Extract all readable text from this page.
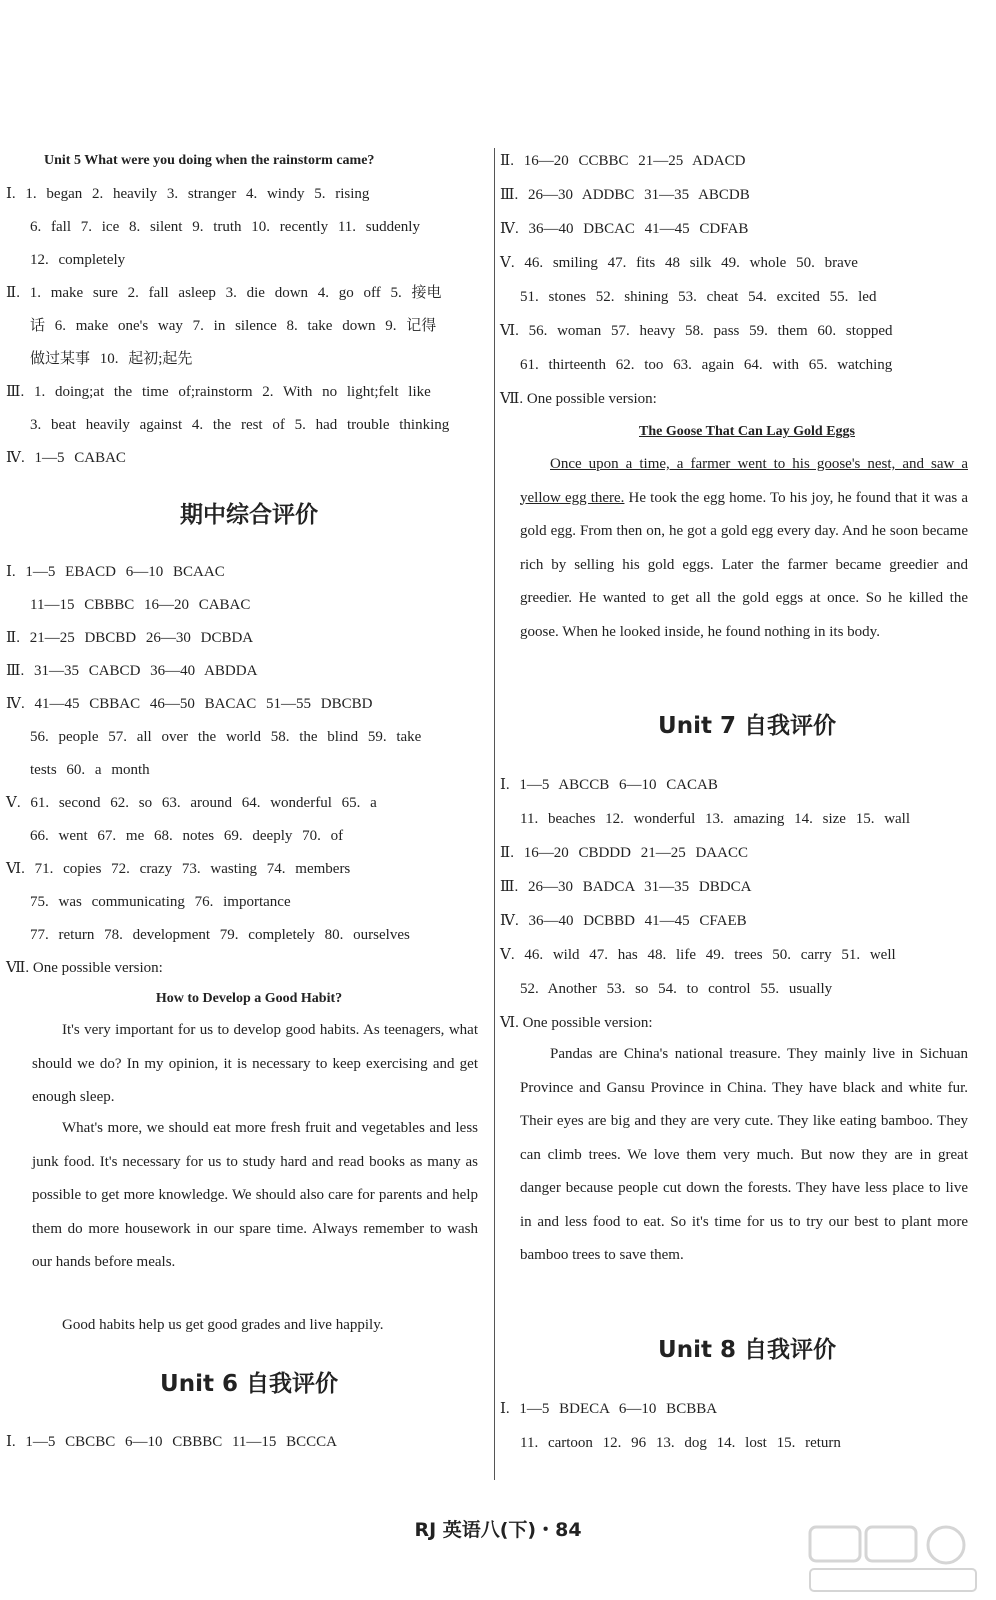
Unit 5 What were you doing when the rainstorm came?
Ⅰ. 1. began 2. heavily 3. stranger 4. windy 5. rising
6. fall 7. ice 8. silent 9. truth 10. recently 11. suddenly
12. completely
Ⅱ. 1. make sure 2. fall asleep 3. die down 4. go off 5. 接电
话 6. make one's way 7. in silence 8. take down 9. 记得
做过某事 10. 起初;起先
Ⅲ. 1. doing;at the time of;rainstorm 2. With no light;felt like
3. beat heavily against 4. the rest of 5. had trouble thinking
Ⅳ. 1—5 CABAC
期中综合评价
Ⅰ. 1—5 EBACD 6—10 BCAAC
11—15 CBBBC 16—20 CABAC
Ⅱ. 21—25 DBCBD 26—30 DCBDA
Ⅲ. 31—35 CABCD 36—40 ABDDA
Ⅳ. 41—45 CBBAC 46—50 BACAC 51—55 DBCBD
56. people 57. all over the world 58. the blind 59. take
tests 60. a month
Ⅴ. 61. second 62. so 63. around 64. wonderful 65. a
66. went 67. me 68. notes 69. deeply 70. of
Ⅵ. 71. copies 72. crazy 73. wasting 74. members
75. was communicating 76. importance
77. return 78. development 79. completely 80. ourselves
Ⅶ. One possible version:
How to Develop a Good Habit?
It's very important for us to develop good habits. As teenagers, what should we do? In my opinion, it is necessary to keep exercising and get enough sleep.
What's more, we should eat more fresh fruit and vegetables and less junk food. It's necessary for us to study hard and read books as many as possible to get more knowledge. We should also care for parents and help them do more housework in our spare time. Always remember to wash our hands before meals.
Good habits help us get good grades and live happily.
Unit 6 自我评价
Ⅰ. 1—5 CBCBC 6—10 CBBBC 11—15 BCCCA
Ⅱ. 16—20 CCBBC 21—25 ADACD
Ⅲ. 26—30 ADDBC 31—35 ABCDB
Ⅳ. 36—40 DBCAC 41—45 CDFAB
Ⅴ. 46. smiling 47. fits 48 silk 49. whole 50. brave
51. stones 52. shining 53. cheat 54. excited 55. led
Ⅵ. 56. woman 57. heavy 58. pass 59. them 60. stopped
61. thirteenth 62. too 63. again 64. with 65. watching
Ⅶ. One possible version:
The Goose That Can Lay Gold Eggs
Once upon a time, a farmer went to his goose's nest, and saw a yellow egg there. He took the egg home. To his joy, he found that it was a gold egg. From then on, he got a gold egg every day. And he soon became rich by selling his gold eggs. Later the farmer became greedier and greedier. He wanted to get all the gold eggs at once. So he killed the goose. When he looked inside, he found nothing in its body.
Unit 7 自我评价
Ⅰ. 1—5 ABCCB 6—10 CACAB
11. beaches 12. wonderful 13. amazing 14. size 15. wall
Ⅱ. 16—20 CBDDD 21—25 DAACC
Ⅲ. 26—30 BADCA 31—35 DBDCA
Ⅳ. 36—40 DCBBD 41—45 CFAEB
Ⅴ. 46. wild 47. has 48. life 49. trees 50. carry 51. well
52. Another 53. so 54. to control 55. usually
Ⅵ. One possible version:
Pandas are China's national treasure. They mainly live in Sichuan Province and Gansu Province in China. They have black and white fur. Their eyes are big and they are very cute. They like eating bamboo. They can climb trees. We love them very much. But now they are in great danger because people cut down the forests. They have less place to live in and less food to eat. So it's time for us to try our best to plant more bamboo trees to save them.
Unit 8 自我评价
Ⅰ. 1—5 BDECA 6—10 BCBBA
11. cartoon 12. 96 13. dog 14. lost 15. return
RJ 英语八(下)・84
